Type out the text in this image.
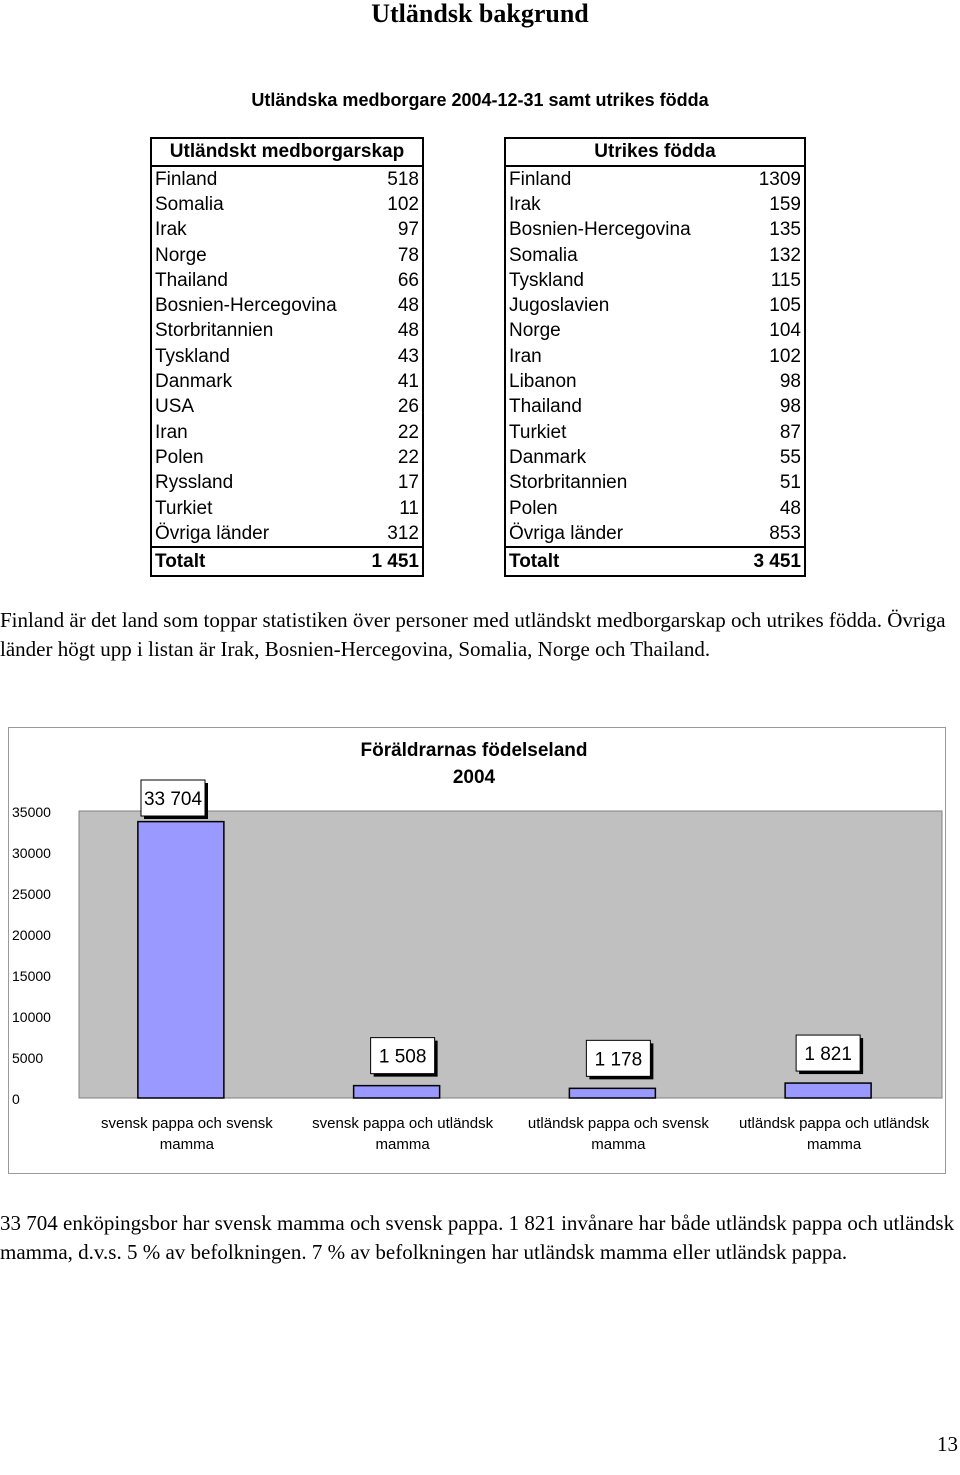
Utländsk bakgrund
Utländska medborgare 2004-12-31 samt utrikes födda
Utländskt medborgarskap	
Finland	518
Somalia	102
Irak	97
Norge	78
Thailand	66
Bosnien-Hercegovina	48
Storbritannien	48
Tyskland	43
Danmark	41
USA	26
Iran	22
Polen	22
Ryssland	17
Turkiet	11
Övriga länder	312
Totalt	1 451
Utrikes födda	
Finland	1309
Irak	159
Bosnien-Hercegovina	135
Somalia	132
Tyskland	115
Jugoslavien	105
Norge	104
Iran	102
Libanon	98
Thailand	98
Turkiet	87
Danmark	55
Storbritannien	51
Polen	48
Övriga länder	853
Totalt	3 451
Finland är det land som toppar statistiken över personer med utländskt medborgarskap och utrikes födda. Övriga länder högt upp i listan är Irak, Bosnien-Hercegovina, Somalia, Norge och Thailand.
Föräldrarnas födelseland 2004
0
5000
10000
15000
20000
25000
30000
35000
33 704
svensk pappa och svensk mamma
1 508
svensk pappa och utländsk mamma
1 178
utländsk pappa och svensk mamma
1 821
utländsk pappa och utländsk mamma
33 704 enköpingsbor har svensk mamma och svensk pappa. 1 821 invånare har både utländsk pappa och utländsk mamma, d.v.s. 5 % av befolkningen. 7 % av befolkningen har utländsk mamma eller utländsk pappa.
13
